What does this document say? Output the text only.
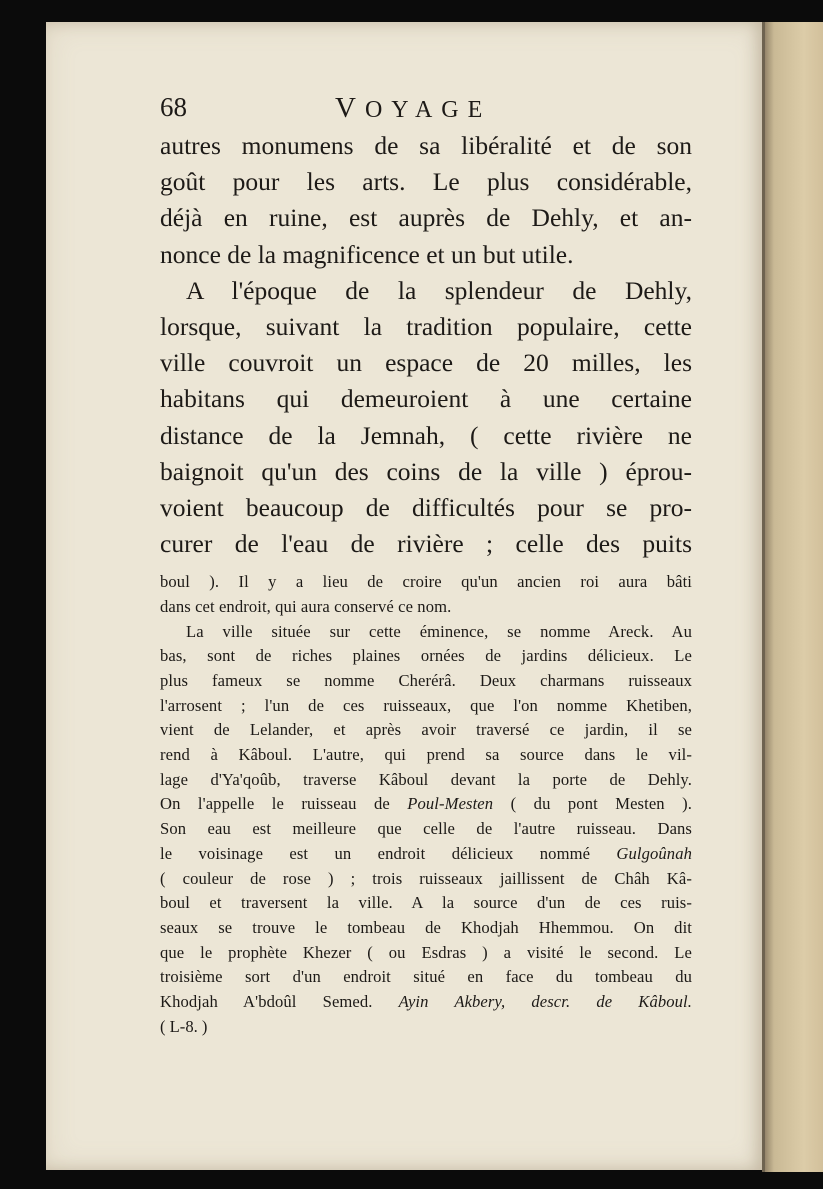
68	VOYAGE
autres monumens de sa libéralité et de son
goût pour les arts. Le plus considérable,
déjà en ruine, est auprès de Dehly, et an-
nonce de la magnificence et un but utile.
A l'époque de la splendeur de Dehly,
lorsque, suivant la tradition populaire, cette
ville couvroit un espace de 20 milles, les
habitans qui demeuroient à une certaine
distance de la Jemnah, ( cette rivière ne
baignoit qu'un des coins de la ville ) éprou-
voient beaucoup de difficultés pour se pro-
curer de l'eau de rivière ; celle des puits
boul ). Il y a lieu de croire qu'un ancien roi aura bâti
dans cet endroit, qui aura conservé ce nom.
La ville située sur cette éminence, se nomme Areck. Au
bas, sont de riches plaines ornées de jardins délicieux. Le
plus fameux se nomme Cherérâ. Deux charmans ruisseaux
l'arrosent ; l'un de ces ruisseaux, que l'on nomme Khetiben,
vient de Lelander, et après avoir traversé ce jardin, il se
rend à Kâboul. L'autre, qui prend sa source dans le vil-
lage d'Ya'qoûb, traverse Kâboul devant la porte de Dehly.
On l'appelle le ruisseau de Poul-Mesten ( du pont Mesten ).
Son eau est meilleure que celle de l'autre ruisseau. Dans
le voisinage est un endroit délicieux nommé Gulgoûnah
( couleur de rose ) ; trois ruisseaux jaillissent de Châh Kâ-
boul et traversent la ville. A la source d'un de ces ruis-
seaux se trouve le tombeau de Khodjah Hhemmou. On dit
que le prophète Khezer ( ou Esdras ) a visité le second. Le
troisième sort d'un endroit situé en face du tombeau du
Khodjah A'bdoûl Semed. Ayin Akbery, descr. de Kâboul.
( L-8. )
